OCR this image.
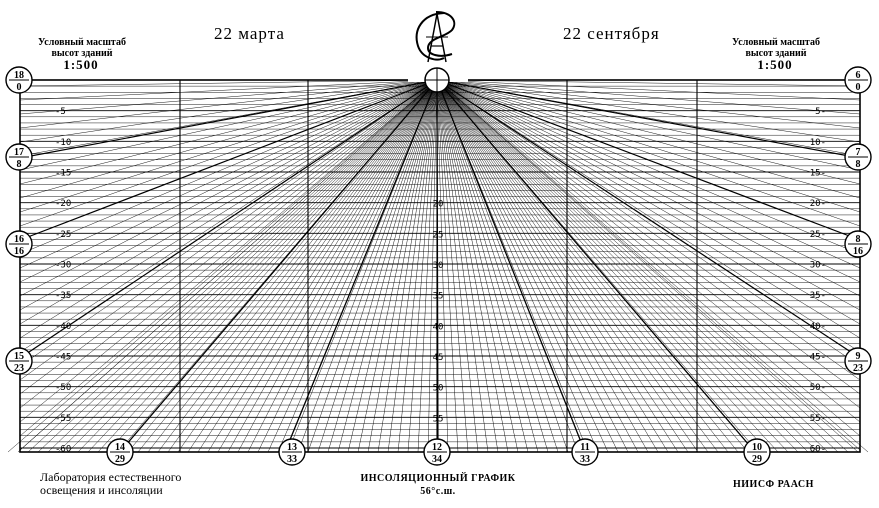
-5	5-
-10	10-
-15	15-
-20	20-
-25	25-
-30	30-
-35	35-
-40	40-
-45	45-
-50	50-
-55	55-
-60	60-
20
25
30
35
40
45
50
55
18
0
17
8
16
16
15
23
6
0
7
8
8
16
9
23
14
29
13
33
12
34
11
33
10
29
22 марта	22 сентября
Условный масштаб
высот зданий
1:500
Условный масштаб
высот зданий
1:500
Лаборатория естественного
освещения и инсоляции
ИНСОЛЯЦИОННЫЙ ГРАФИК
56°с.ш.
НИИСФ РААСН
